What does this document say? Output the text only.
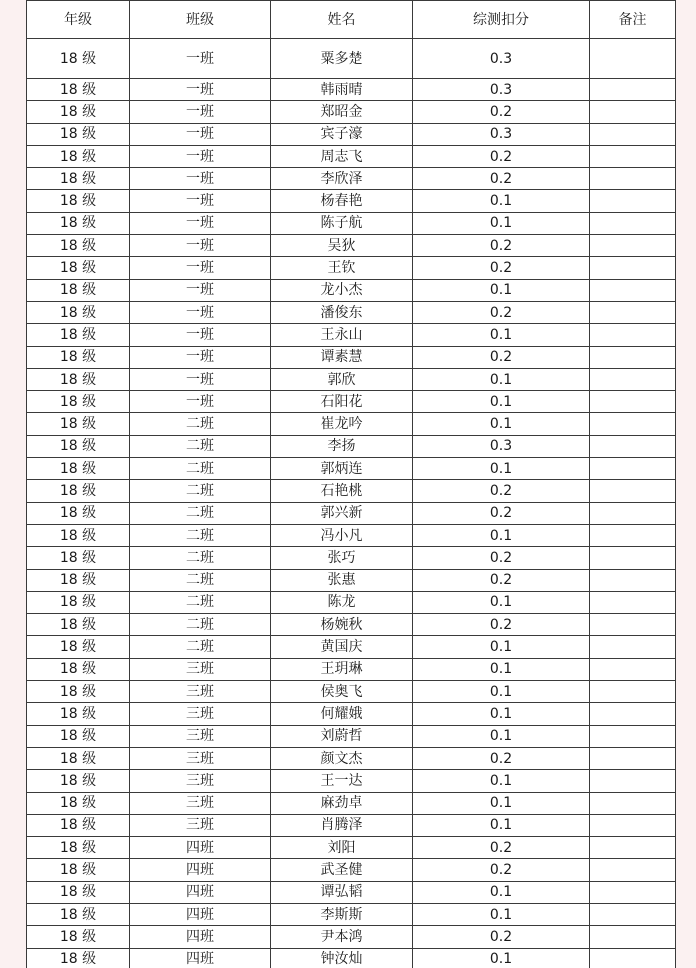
年级	班级	姓名	综测扣分	备注
18 级	一班	粟多楚	0.3	
18 级	一班	韩雨晴	0.3	
18 级	一班	郑昭金	0.2	
18 级	一班	宾子濠	0.3	
18 级	一班	周志飞	0.2	
18 级	一班	李欣泽	0.2	
18 级	一班	杨春艳	0.1	
18 级	一班	陈子航	0.1	
18 级	一班	吴狄	0.2	
18 级	一班	王钦	0.2	
18 级	一班	龙小杰	0.1	
18 级	一班	潘俊东	0.2	
18 级	一班	王永山	0.1	
18 级	一班	谭素慧	0.2	
18 级	一班	郭欣	0.1	
18 级	一班	石阳花	0.1	
18 级	二班	崔龙吟	0.1	
18 级	二班	李扬	0.3	
18 级	二班	郭炳连	0.1	
18 级	二班	石艳桃	0.2	
18 级	二班	郭兴新	0.2	
18 级	二班	冯小凡	0.1	
18 级	二班	张巧	0.2	
18 级	二班	张惠	0.2	
18 级	二班	陈龙	0.1	
18 级	二班	杨婉秋	0.2	
18 级	二班	黄国庆	0.1	
18 级	三班	王玥琳	0.1	
18 级	三班	侯奥飞	0.1	
18 级	三班	何耀娥	0.1	
18 级	三班	刘蔚哲	0.1	
18 级	三班	颜文杰	0.2	
18 级	三班	王一达	0.1	
18 级	三班	麻劲卓	0.1	
18 级	三班	肖腾泽	0.1	
18 级	四班	刘阳	0.2	
18 级	四班	武圣健	0.2	
18 级	四班	谭弘韬	0.1	
18 级	四班	李斯斯	0.1	
18 级	四班	尹本鸿	0.2	
18 级	四班	钟汝灿	0.1	
